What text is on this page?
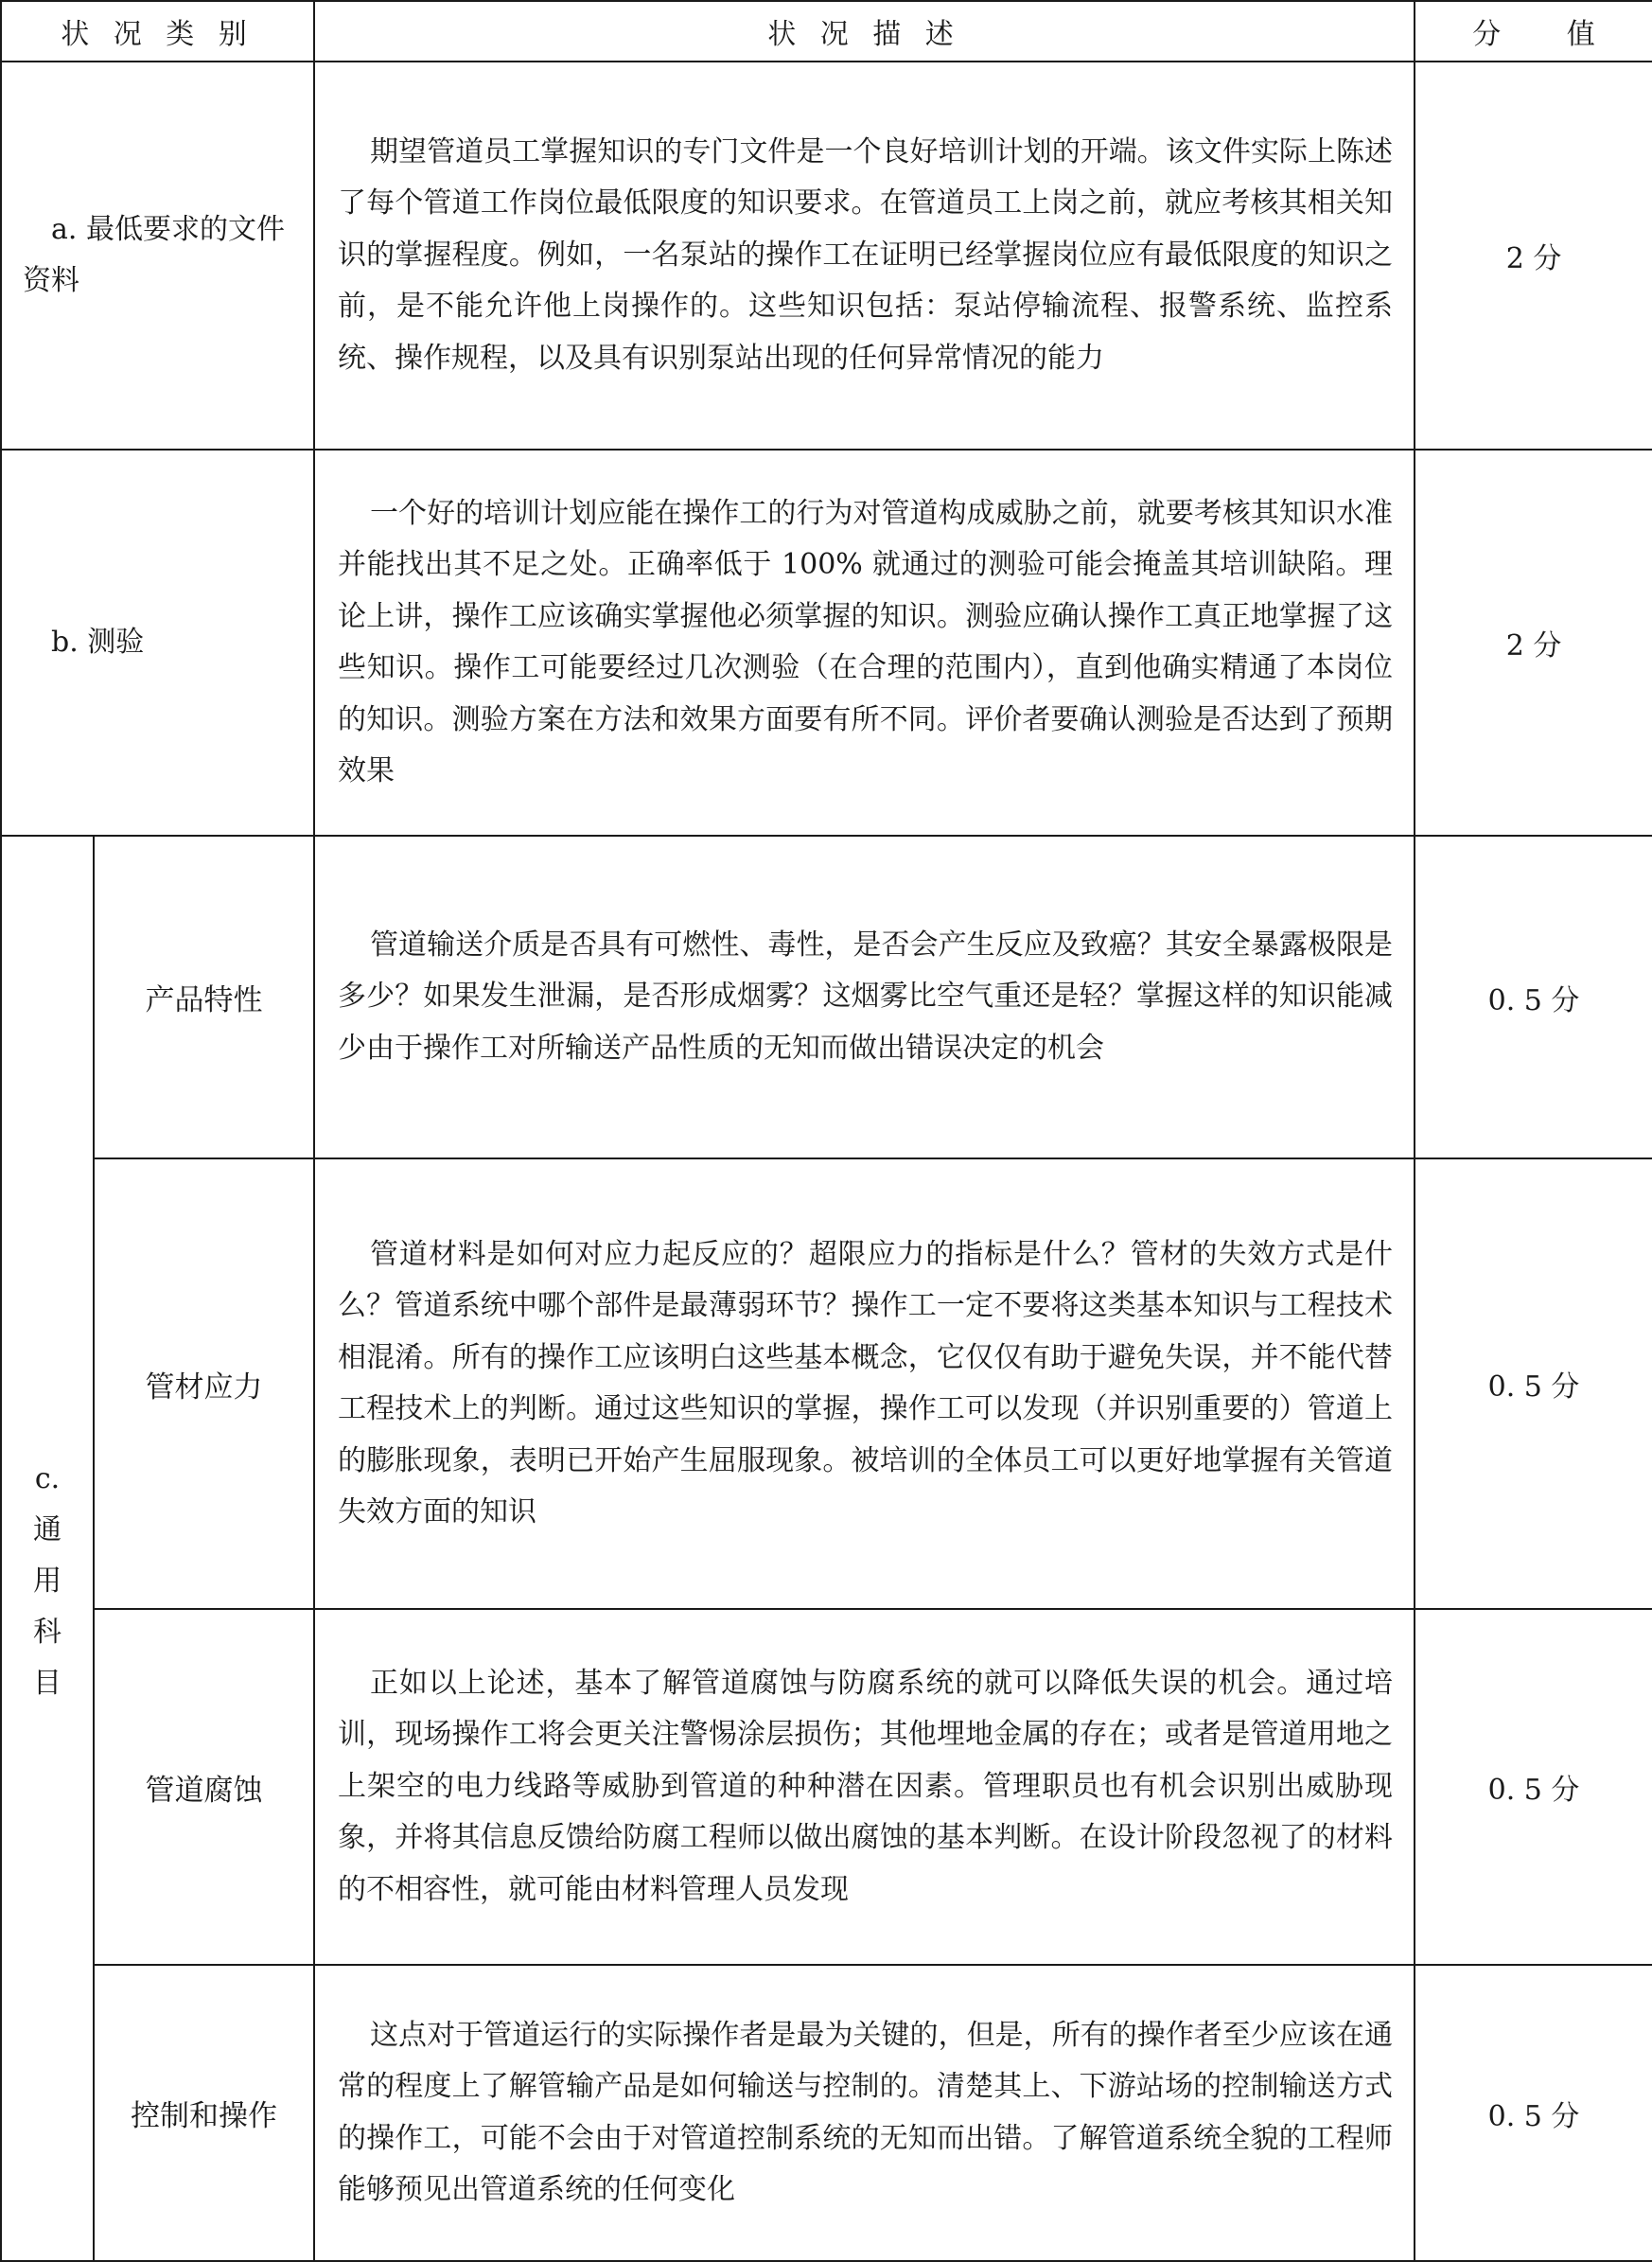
状 况 类 别		状 况 描 述	分 值
a. 最低要求的文件资料		期望管道员工掌握知识的专门文件是一个良好培训计划的开端。该文件实际上陈述了每个管道工作岗位最低限度的知识要求。在管道员工上岗之前，就应考核其相关知识的掌握程度。例如，一名泵站的操作工在证明已经掌握岗位应有最低限度的知识之前，是不能允许他上岗操作的。这些知识包括：泵站停输流程、报警系统、监控系统、操作规程，以及具有识别泵站出现的任何异常情况的能力	2 分
b. 测验		一个好的培训计划应能在操作工的行为对管道构成威胁之前，就要考核其知识水准并能找出其不足之处。正确率低于 100% 就通过的测验可能会掩盖其培训缺陷。理论上讲，操作工应该确实掌握他必须掌握的知识。测验应确认操作工真正地掌握了这些知识。操作工可能要经过几次测验（在合理的范围内），直到他确实精通了本岗位的知识。测验方案在方法和效果方面要有所不同。评价者要确认测验是否达到了预期效果	2 分

c.
通
用
科
目	产品特性	管道输送介质是否具有可燃性、毒性，是否会产生反应及致癌？其安全暴露极限是多少？如果发生泄漏，是否形成烟雾？这烟雾比空气重还是轻？掌握这样的知识能减少由于操作工对所输送产品性质的无知而做出错误决定的机会	0. 5 分
	管材应力	管道材料是如何对应力起反应的？超限应力的指标是什么？管材的失效方式是什么？管道系统中哪个部件是最薄弱环节？操作工一定不要将这类基本知识与工程技术相混淆。所有的操作工应该明白这些基本概念，它仅仅有助于避免失误，并不能代替工程技术上的判断。通过这些知识的掌握，操作工可以发现（并识别重要的）管道上的膨胀现象，表明已开始产生屈服现象。被培训的全体员工可以更好地掌握有关管道失效方面的知识	0. 5 分
	管道腐蚀	正如以上论述，基本了解管道腐蚀与防腐系统的就可以降低失误的机会。通过培训，现场操作工将会更关注警惕涂层损伤；其他埋地金属的存在；或者是管道用地之上架空的电力线路等威胁到管道的种种潜在因素。管理职员也有机会识别出威胁现象，并将其信息反馈给防腐工程师以做出腐蚀的基本判断。在设计阶段忽视了的材料的不相容性，就可能由材料管理人员发现	0. 5 分
	控制和操作	这点对于管道运行的实际操作者是最为关键的，但是，所有的操作者至少应该在通常的程度上了解管输产品是如何输送与控制的。清楚其上、下游站场的控制输送方式的操作工，可能不会由于对管道控制系统的无知而出错。了解管道系统全貌的工程师能够预见出管道系统的任何变化	0. 5 分
